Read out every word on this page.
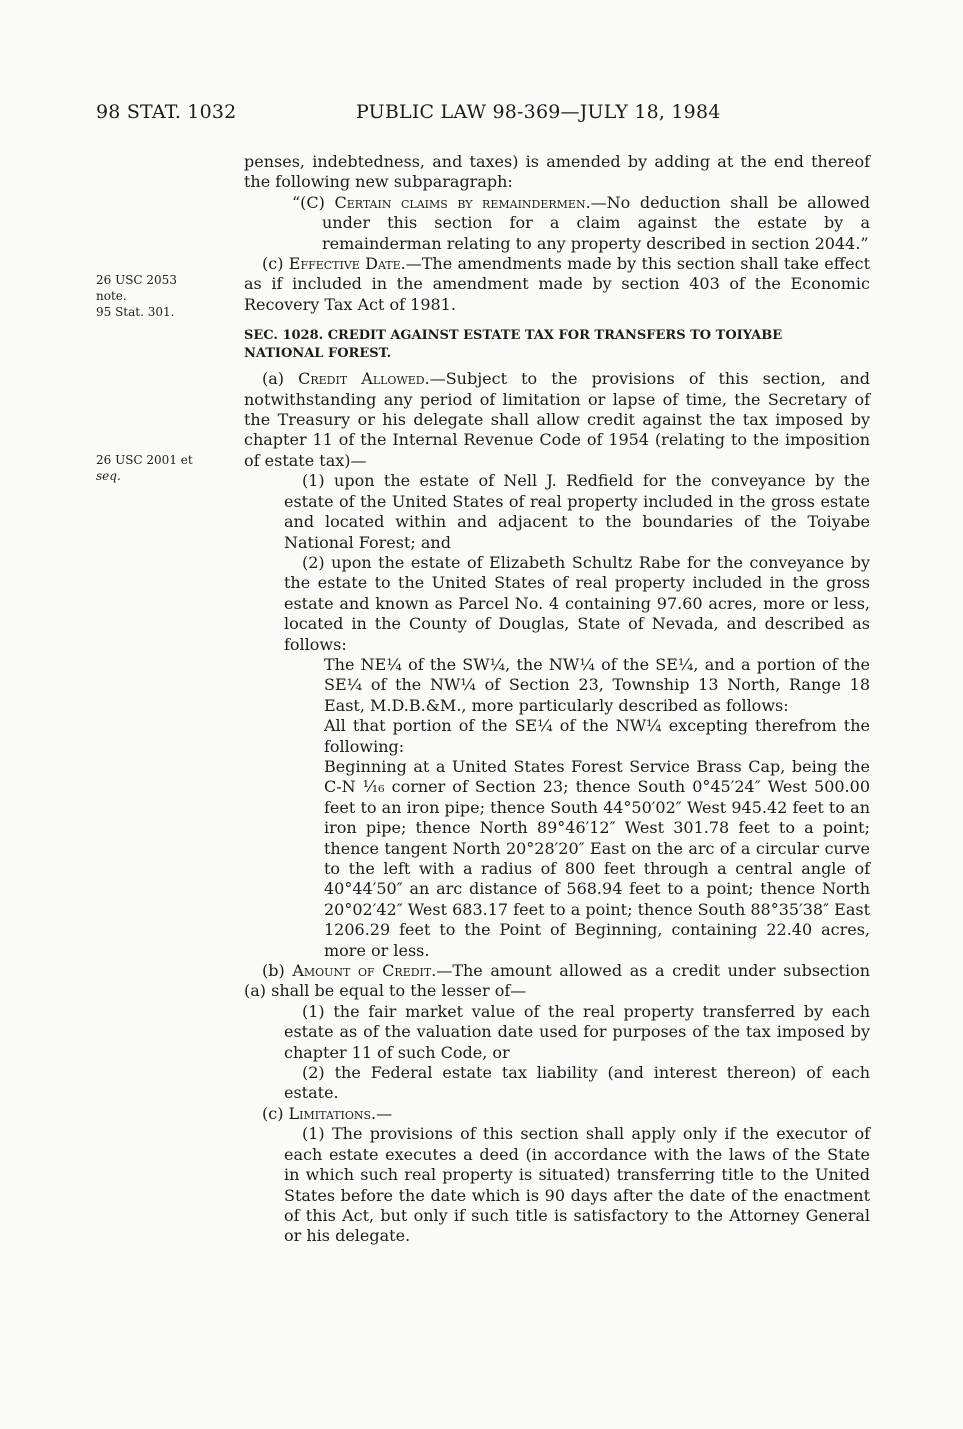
98 STAT. 1032	PUBLIC LAW 98-369—JULY 18, 1984
26 USC 2053
note.
95 Stat. 301.
26 USC 2001 et
seq.

penses, indebtedness, and taxes) is amended by adding at the end thereof the following new subparagraph:

“(C) Certain claims by remaindermen.—No deduction shall be allowed under this section for a claim against the estate by a remainderman relating to any property described in section 2044.”

(c) Effective Date.—The amendments made by this section shall take effect as if included in the amendment made by section 403 of the Economic Recovery Tax Act of 1981.

SEC. 1028. CREDIT AGAINST ESTATE TAX FOR TRANSFERS TO TOIYABE
NATIONAL FOREST.

(a) Credit Allowed.—Subject to the provisions of this section, and notwithstanding any period of limitation or lapse of time, the Secretary of the Treasury or his delegate shall allow credit against the tax imposed by chapter 11 of the Internal Revenue Code of 1954 (relating to the imposition of estate tax)—

(1) upon the estate of Nell J. Redfield for the conveyance by the estate of the United States of real property included in the gross estate and located within and adjacent to the boundaries of the Toiyabe National Forest; and

(2) upon the estate of Elizabeth Schultz Rabe for the conveyance by the estate to the United States of real property included in the gross estate and known as Parcel No. 4 containing 97.60 acres, more or less, located in the County of Douglas, State of Nevada, and described as follows:

The NE¼ of the SW¼, the NW¼ of the SE¼, and a portion of the SE¼ of the NW¼ of Section 23, Township 13 North, Range 18 East, M.D.B.&M., more particularly described as follows:

All that portion of the SE¼ of the NW¼ excepting therefrom the following:

Beginning at a United States Forest Service Brass Cap, being the C-N ¹⁄₁₆ corner of Section 23; thence South 0°45′24″ West 500.00 feet to an iron pipe; thence South 44°50′02″ West 945.42 feet to an iron pipe; thence North 89°46′12″ West 301.78 feet to a point; thence tangent North 20°28′20″ East on the arc of a circular curve to the left with a radius of 800 feet through a central angle of 40°44′50″ an arc distance of 568.94 feet to a point; thence North 20°02′42″ West 683.17 feet to a point; thence South 88°35′38″ East 1206.29 feet to the Point of Beginning, containing 22.40 acres, more or less.

(b) Amount of Credit.—The amount allowed as a credit under subsection (a) shall be equal to the lesser of—

(1) the fair market value of the real property transferred by each estate as of the valuation date used for purposes of the tax imposed by chapter 11 of such Code, or

(2) the Federal estate tax liability (and interest thereon) of each estate.

(c) Limitations.—

(1) The provisions of this section shall apply only if the executor of each estate executes a deed (in accordance with the laws of the State in which such real property is situated) transferring title to the United States before the date which is 90 days after the date of the enactment of this Act, but only if such title is satisfactory to the Attorney General or his delegate.
